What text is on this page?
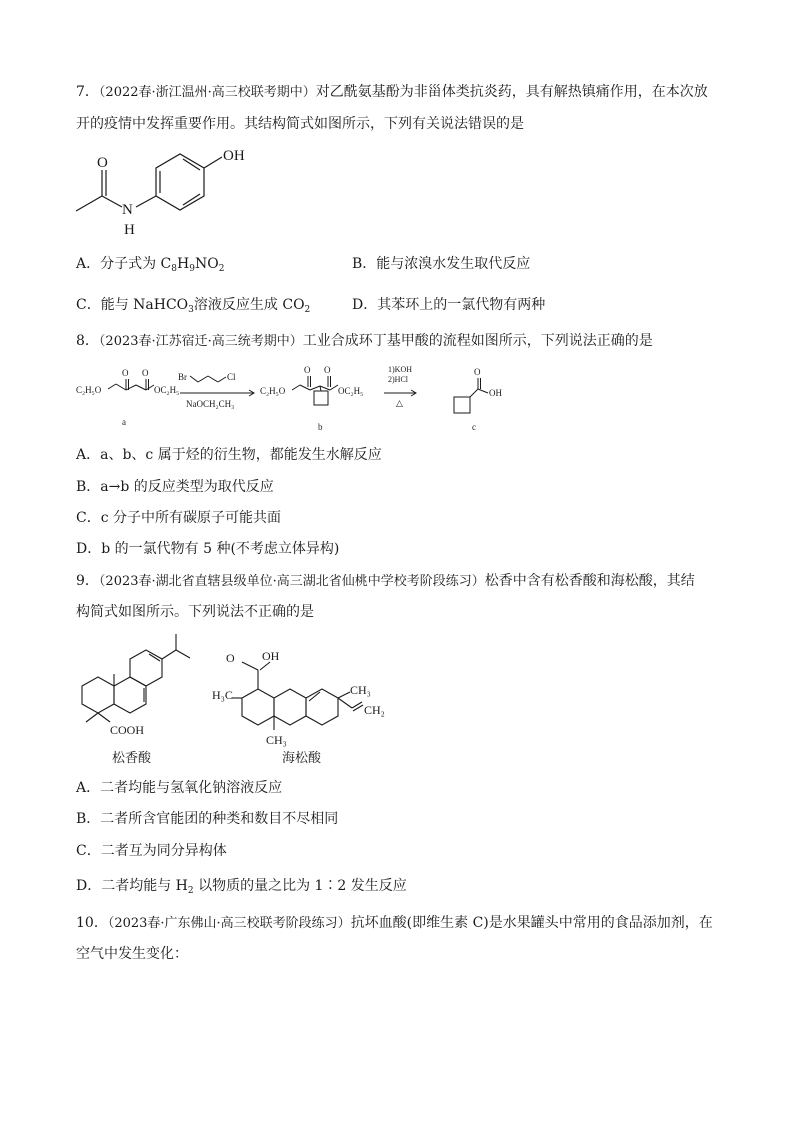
7．（2022春·浙江温州·高三校联考期中）对乙酰氨基酚为非甾体类抗炎药，具有解热镇痛作用，在本次放
开的疫情中发挥重要作用。其结构简式如图所示，下列有关说法错误的是
O
N
H
OH
A．分子式为 $C_8H_9NO_2$	B．能与浓溴水发生取代反应
C．能与 NaHCO$_3$溶液反应生成 $CO_2$	D．其苯环上的一氯代物有两种
8．（2023春·江苏宿迁·高三统考期中）工业合成环丁基甲酸的流程如图所示，下列说法正确的是
C₂H₅O	OC₂H₅
O O	Br	Cl
NaOCH₂CH₃
C₂H₅O	OC₂H₅
O O	1)KOH
2)HCl
△
O
OH
a	b	c
A．a、b、c 属于烃的衍生物，都能发生水解反应
B．a→b 的反应类型为取代反应
C．c 分子中所有碳原子可能共面
D．b 的一氯代物有 5 种(不考虑立体异构)
9．（2023春·湖北省直辖县级单位·高三湖北省仙桃中学校考阶段练习）松香中含有松香酸和海松酸，其结
构简式如图所示。下列说法不正确的是
COOH
松香酸
O OH
H₃C	CH₃
CH₃
CH₂
海松酸
A．二者均能与氢氧化钠溶液反应
B．二者所含官能团的种类和数目不尽相同
C．二者互为同分异构体
D．二者均能与 $H_2$ 以物质的量之比为 1∶2 发生反应
10．（2023春·广东佛山·高三校联考阶段练习）抗坏血酸(即维生素 C)是水果罐头中常用的食品添加剂，在
空气中发生变化：
